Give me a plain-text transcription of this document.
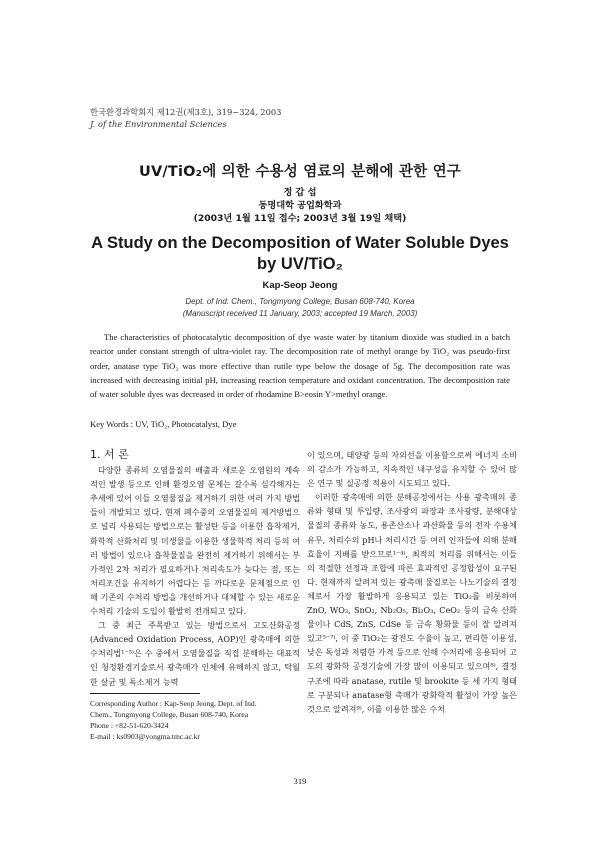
한국환경과학회지 제12권(제3호), 319~324, 2003
J. of the Environmental Sciences
UV/TiO₂에 의한 수용성 염료의 분해에 관한 연구
정 갑 섭
동명대학 공업화학과
(2003년 1월 11일 접수; 2003년 3월 19일 채택)
A Study on the Decomposition of Water Soluble Dyes
by UV/TiO₂
Kap-Seop Jeong
Dept. of Ind. Chem., Tongmyong College, Busan 608-740, Korea
(Manuscript received 11 January, 2003; accepted 19 March, 2003)
The characteristics of photocatalytic decomposition of dye waste water by titanium dioxide was studied in a batch reactor under constant strength of ultra-violet ray. The decomposition rate of methyl orange by TiO₂ was pseudo-first order, anatase type TiO₂ was more effective than rutile type below the dosage of 5g. The decomposition rate was increased with decreasing initial pH, increasing reaction temperature and oxidant concentration. The decomposition rate of water soluble dyes was decreased in order of rhodamine B>eosin Y>methyl orange.
Key Words : UV, TiO₂, Photocatalyst, Dye
1. 서 론

다양한 종류의 오염물질의 배출과 새로운 오염원의 계속적인 발생 등으로 인해 환경오염 문제는 갈수록 심각해지는 추세에 있어 이들 오염물질을 제거하기 위한 여러 가지 방법들이 개발되고 있다. 현재 폐수중의 오염물질의 제거방법으로 널리 사용되는 방법으로는 활성탄 등을 이용한 흡착제거, 화학적 산화처리 및 미생물을 이용한 생물학적 처리 등의 여러 방법이 있으나 흡착물질을 완전히 제거하기 위해서는 부가적인 2차 처리가 필요하거나 처리속도가 늦다는 점, 또는 처리조건을 유지하기 어렵다는 등 까다로운 문제점으로 인해 기존의 수처리 방법을 개선하거나 대체할 수 있는 새로운 수처리 기술의 도입이 활발히 전개되고 있다.

그 중 최근 주목받고 있는 방법으로서 고도산화공정(Advanced Oxidation Process, AOP)인 광촉매에 의한 수처리법¹⁻³⁾은 수 중에서 오염물질을 직접 분해하는 대표적인 청정환경기술로서 광촉매가 인체에 유해하지 않고, 탁월한 살균 및 독소제거 능력

이 있으며, 태양광 등의 자외선을 이용함으로써 에너지 소비의 감소가 가능하고, 지속적인 내구성을 유지할 수 있어 많은 연구 및 실공정 적용이 시도되고 있다.

이러한 광촉매에 의한 분해공정에서는 사용 광촉매의 종류와 형태 및 투입량, 조사광의 파장과 조사광량, 분해대상 물질의 종류와 농도, 용존산소나 과산화물 등의 전자 수용체 유무, 처리수의 pH나 처리시간 등 여러 인자들에 의해 분해효율이 지배를 받으므로¹⁻⁴⁾, 최적의 처리를 위해서는 이들의 적절한 선정과 조합에 따른 효과적인 공정합성이 요구된다. 현재까지 알려져 있는 광촉매 물질로는 나노기술의 결정체로서 가장 활발하게 응용되고 있는 TiO₂를 비롯하여 ZnO, WO₃, SnO₂, Nb₂O₅, Bi₂O₃, CeO₂ 등의 금속 산화물이나 CdS, ZnS, CdSe 등 금속 황화물 등이 잘 알려져 있고⁵⁻⁷⁾, 이 중 TiO₂는 광전도 수율이 높고, 편리한 이용성, 낮은 독성과 저렴한 가격 등으로 인해 수처리에 응용되어 고도의 광화학 공정기술에 가장 많이 이용되고 있으며⁸⁾, 결정구조에 따라 anatase, rutile 및 brookite 등 세 가지 형태로 구분되나 anatase형 촉매가 광화학적 활성이 가장 높은 것으로 알려져⁹⁾, 이를 이용한 많은 수처

Corresponding Author : Kap-Seop Jeong, Dept. of Ind.
Chem., Tongmyong College, Busan 608-740, Korea
Phone : +82-51-620-3424
E-mail : ks0903@yongma.tmc.ac.kr
319
